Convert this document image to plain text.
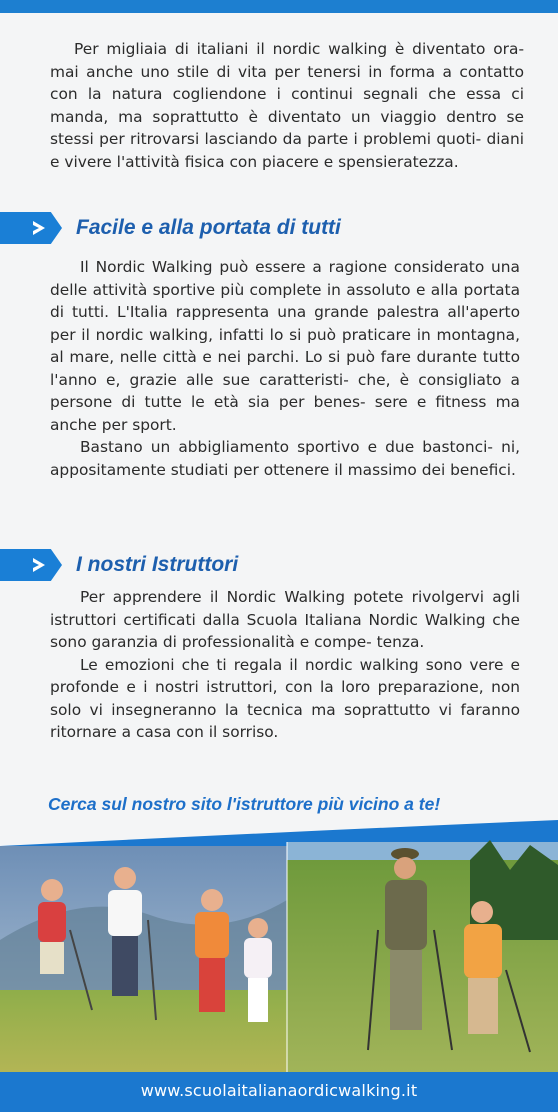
Per migliaia di italiani il nordic walking è diventato ora- mai anche uno stile di vita per tenersi in forma a contatto con la natura cogliendone i continui segnali che essa ci manda, ma soprattutto è diventato un viaggio dentro se stessi per ritrovarsi lasciando da parte i problemi quoti- diani e vivere l'attività fisica con piacere e spensieratezza.

Facile e alla portata di tutti

Il Nordic Walking può essere a ragione considerato una delle attività sportive più complete in assoluto e alla portata di tutti. L'Italia rappresenta una grande palestra all'aperto per il nordic walking, infatti lo si può praticare in montagna, al mare, nelle città e nei parchi. Lo si può fare durante tutto l'anno e, grazie alle sue caratteristi- che, è consigliato a persone di tutte le età sia per benes- sere e fitness ma anche per sport.

Bastano un abbigliamento sportivo e due bastonci- ni, appositamente studiati per ottenere il massimo dei benefici.

I nostri Istruttori

Per apprendere il Nordic Walking potete rivolgervi agli istruttori certificati dalla Scuola Italiana Nordic Walking che sono garanzia di professionalità e compe- tenza.

Le emozioni che ti regala il nordic walking sono vere e profonde e i nostri istruttori, con la loro preparazione, non solo vi insegneranno la tecnica ma soprattutto vi faranno ritornare a casa con il sorriso.

Cerca sul nostro sito l'istruttore più vicino a te!

www.scuolaitalianaordicwalking.it
